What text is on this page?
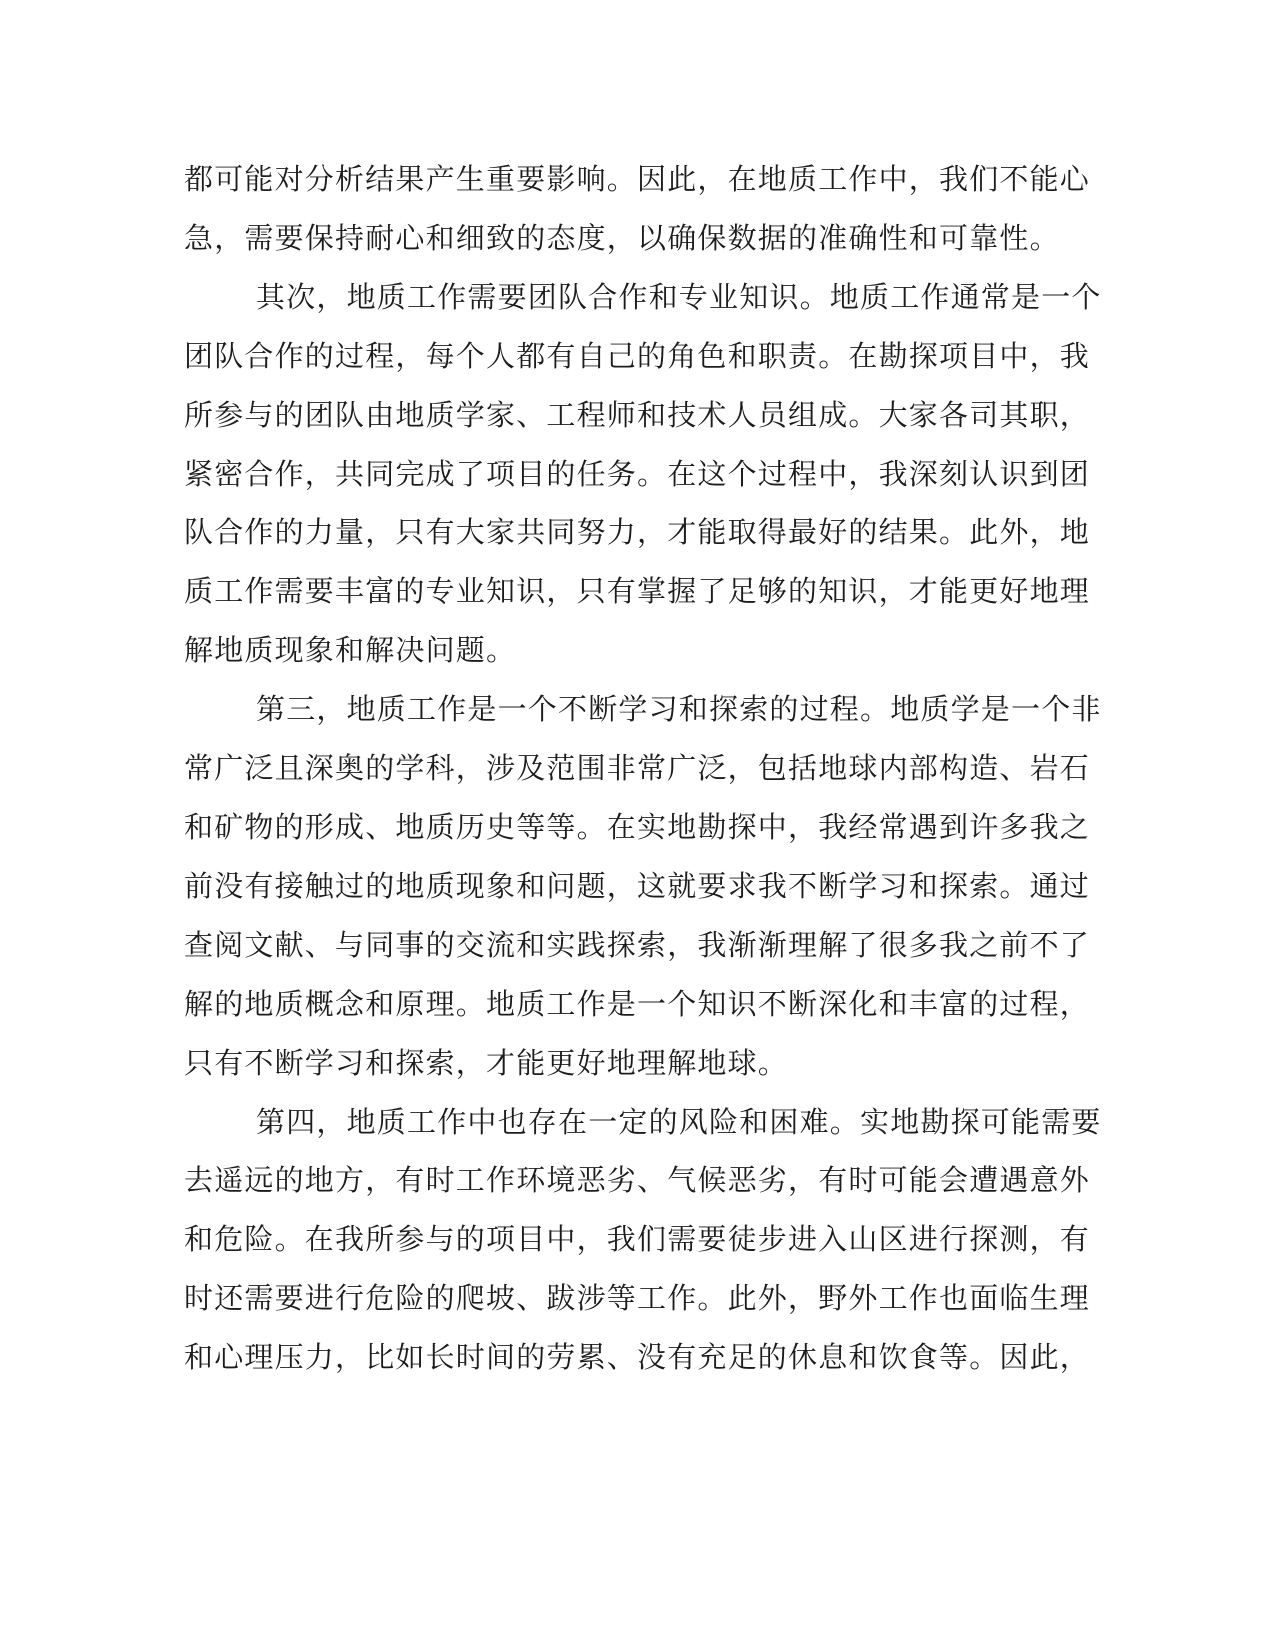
都可能对分析结果产生重要影响。因此，在地质工作中，我们不能心
急，需要保持耐心和细致的态度，以确保数据的准确性和可靠性。

其次，地质工作需要团队合作和专业知识。地质工作通常是一个
团队合作的过程，每个人都有自己的角色和职责。在勘探项目中，我
所参与的团队由地质学家、工程师和技术人员组成。大家各司其职，
紧密合作，共同完成了项目的任务。在这个过程中，我深刻认识到团
队合作的力量，只有大家共同努力，才能取得最好的结果。此外，地
质工作需要丰富的专业知识，只有掌握了足够的知识，才能更好地理
解地质现象和解决问题。

第三，地质工作是一个不断学习和探索的过程。地质学是一个非
常广泛且深奥的学科，涉及范围非常广泛，包括地球内部构造、岩石
和矿物的形成、地质历史等等。在实地勘探中，我经常遇到许多我之
前没有接触过的地质现象和问题，这就要求我不断学习和探索。通过
查阅文献、与同事的交流和实践探索，我渐渐理解了很多我之前不了
解的地质概念和原理。地质工作是一个知识不断深化和丰富的过程，
只有不断学习和探索，才能更好地理解地球。

第四，地质工作中也存在一定的风险和困难。实地勘探可能需要
去遥远的地方，有时工作环境恶劣、气候恶劣，有时可能会遭遇意外
和危险。在我所参与的项目中，我们需要徒步进入山区进行探测，有
时还需要进行危险的爬坡、跋涉等工作。此外，野外工作也面临生理
和心理压力，比如长时间的劳累、没有充足的休息和饮食等。因此，
